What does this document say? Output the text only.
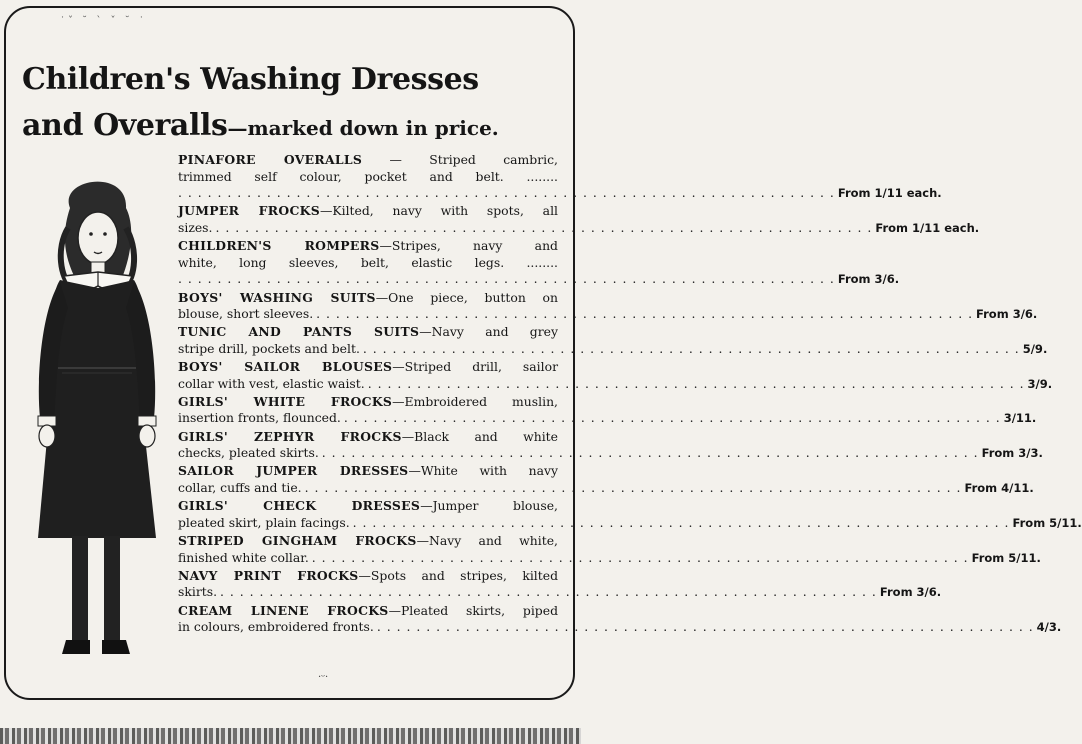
˙ˇ ˘ ` ˇ ˘ ˙
Children's Washing Dresses
and Overalls—marked down in price.
PINAFORE OVERALLS — Striped cambric,
trimmed self colour, pocket and belt. ........
. . .From 1/11 each.
JUMPER FROCKS—Kilted, navy with spots, all
sizes. . . .	From 1/11 each.
CHILDREN'S ROMPERS—Stripes, navy and
white, long sleeves, belt, elastic legs. ........
. . .From 3/6.
BOYS' WASHING SUITS—One piece, button on
blouse, short sleeves. . . .	From 3/6.
TUNIC AND PANTS SUITS—Navy and grey
stripe drill, pockets and belt. . . .	5/9.
BOYS' SAILOR BLOUSES—Striped drill, sailor
collar with vest, elastic waist. . . .	3/9.
GIRLS' WHITE FROCKS—Embroidered muslin,
insertion fronts, flounced. . . .	3/11.
GIRLS' ZEPHYR FROCKS—Black and white
checks, pleated skirts. . . .	From 3/3.
SAILOR JUMPER DRESSES—White with navy
collar, cuffs and tie. . . .	From 4/11.
GIRLS' CHECK DRESSES—Jumper blouse,
pleated skirt, plain facings. . . .	From 5/11.
STRIPED GINGHAM FROCKS—Navy and white,
finished white collar. . . .	From 5/11.
NAVY PRINT FROCKS—Spots and stripes, kilted
skirts. . . .	From 3/6.
CREAM LINENE FROCKS—Pleated skirts, piped
in colours, embroidered fronts. . . .	4/3.
·ᵕ·
